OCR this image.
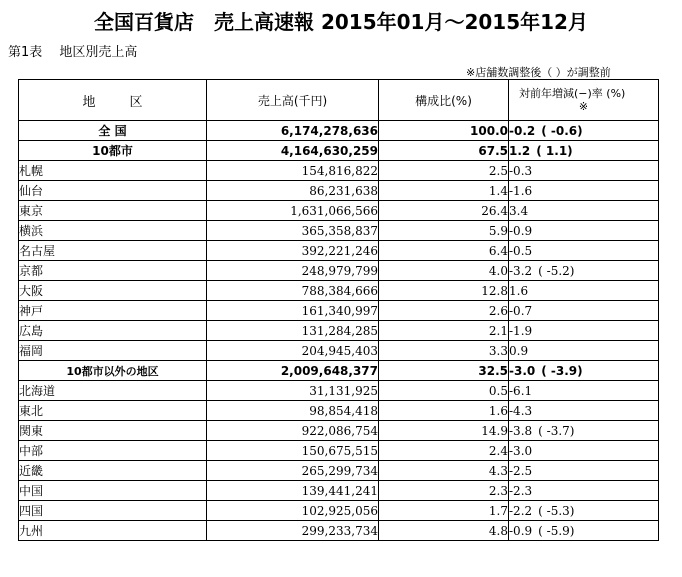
全国百貨店　売上高速報 2015年01月～2015年12月
第1表　 地区別売上高
※店舗数調整後（ ）が調整前
地区	売上高(千円)	構成比(%)	対前年増減(−)率 (%)
※

全 国	6,174,278,636	100.0	-0.2 ( -0.6)
10都市	4,164,630,259	67.5	1.2 ( 1.1)
札幌	154,816,822	2.5	-0.3
仙台	86,231,638	1.4	-1.6
東京	1,631,066,566	26.4	3.4
横浜	365,358,837	5.9	-0.9
名古屋	392,221,246	6.4	-0.5
京都	248,979,799	4.0	-3.2 ( -5.2)
大阪	788,384,666	12.8	1.6
神戸	161,340,997	2.6	-0.7
広島	131,284,285	2.1	-1.9
福岡	204,945,403	3.3	0.9
10都市以外の地区	2,009,648,377	32.5	-3.0 ( -3.9)
北海道	31,131,925	0.5	-6.1
東北	98,854,418	1.6	-4.3
関東	922,086,754	14.9	-3.8 ( -3.7)
中部	150,675,515	2.4	-3.0
近畿	265,299,734	4.3	-2.5
中国	139,441,241	2.3	-2.3
四国	102,925,056	1.7	-2.2 ( -5.3)
九州	299,233,734	4.8	-0.9 ( -5.9)
